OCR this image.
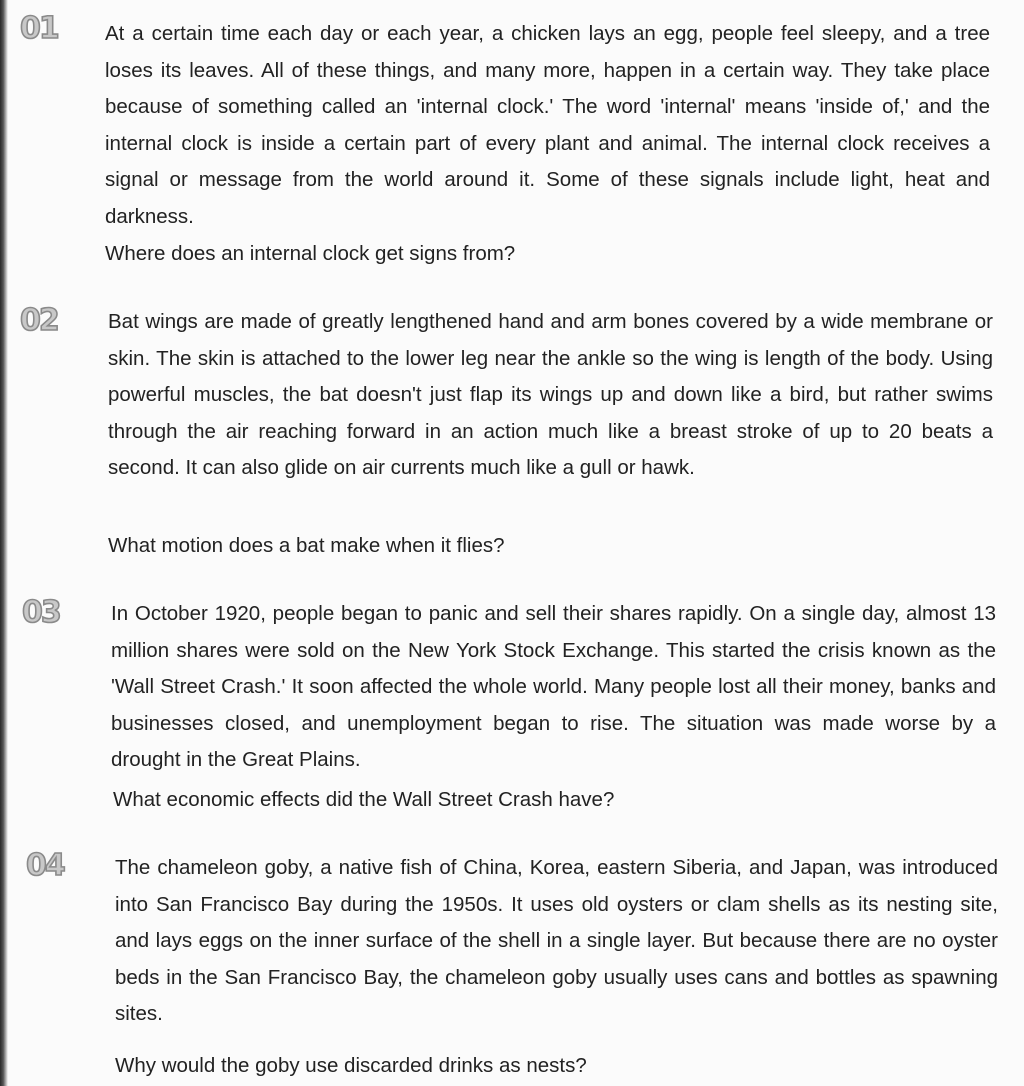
01 At a certain time each day or each year, a chicken lays an egg, people feel sleepy, and a tree loses its leaves. All of these things, and many more, happen in a certain way. They take place because of something called an 'internal clock.' The word 'internal' means 'inside of,' and the internal clock is inside a certain part of every plant and animal. The internal clock receives a signal or message from the world around it. Some of these signals include light, heat and darkness.

Where does an internal clock get signs from?

02 Bat wings are made of greatly lengthened hand and arm bones covered by a wide membrane or skin. The skin is attached to the lower leg near the ankle so the wing is length of the body. Using powerful muscles, the bat doesn't just flap its wings up and down like a bird, but rather swims through the air reaching forward in an action much like a breast stroke of up to 20 beats a second. It can also glide on air currents much like a gull or hawk.

What motion does a bat make when it flies?

03	In October 1920, people began to panic and sell their shares rapidly. On a single day, almost 13 million shares were sold on the New York Stock Exchange. This started the crisis known as the 'Wall Street Crash.' It soon affected the whole world. Many people lost all their money, banks and businesses closed, and unemployment began to rise. The situation was made worse by a drought in the Great Plains.

What economic effects did the Wall Street Crash have?

04	The chameleon goby, a native fish of China, Korea, eastern Siberia, and Japan, was introduced into San Francisco Bay during the 1950s. It uses old oysters or clam shells as its nesting site, and lays eggs on the inner surface of the shell in a single layer. But because there are no oyster beds in the San Francisco Bay, the chameleon goby usually uses cans and bottles as spawning sites.

Why would the goby use discarded drinks as nests?
